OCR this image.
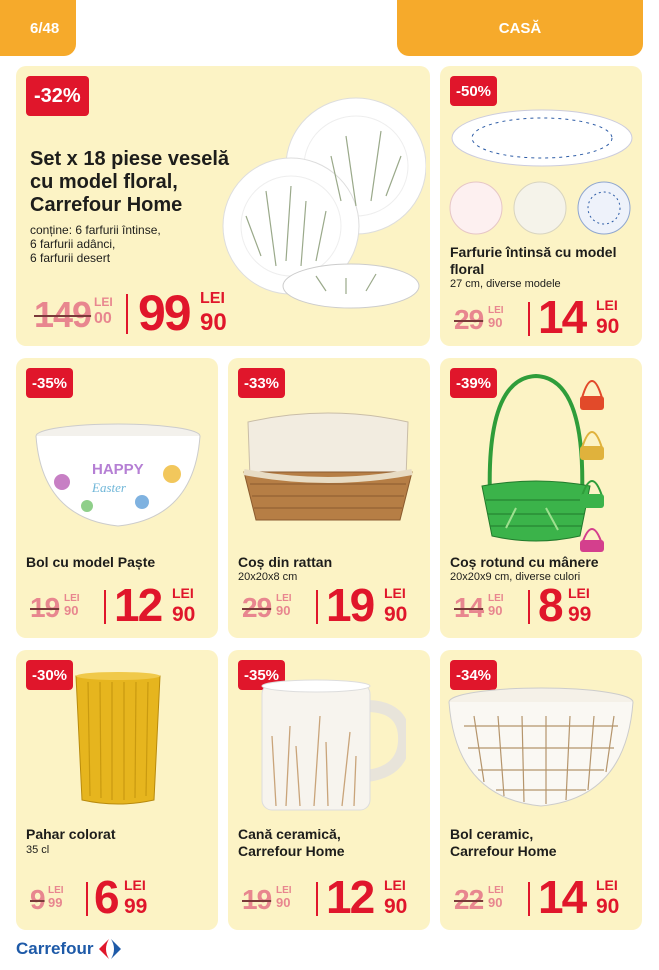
6/48	CASĂ
-32%
Set x 18 piese veselă
cu model floral,
Carrefour Home
conține: 6 farfurii întinse,
6 farfurii adânci,
6 farfurii desert
149 LEI
00 99 LEI
90
-50%
Farfurie întinsă cu model
floral
27 cm, diverse modele
29 LEI
90 14 LEI
90
-35%
HAPPY
Easter
Bol cu model Paște
19 LEI
90 12 LEI
90
-33%
Coș din rattan
20x20x8 cm
29 LEI
90 19 LEI
90
-39%
Coș rotund cu mânere
20x20x9 cm, diverse culori
14 LEI
90 8 LEI
99
-30%
Pahar colorat
35 cl
9 LEI
99 6 LEI
99
-35%
Cană ceramică,
Carrefour Home
19 LEI
90 12 LEI
90
-34%
Bol ceramic,
Carrefour Home
22 LEI
90 14 LEI
90
Carrefour
